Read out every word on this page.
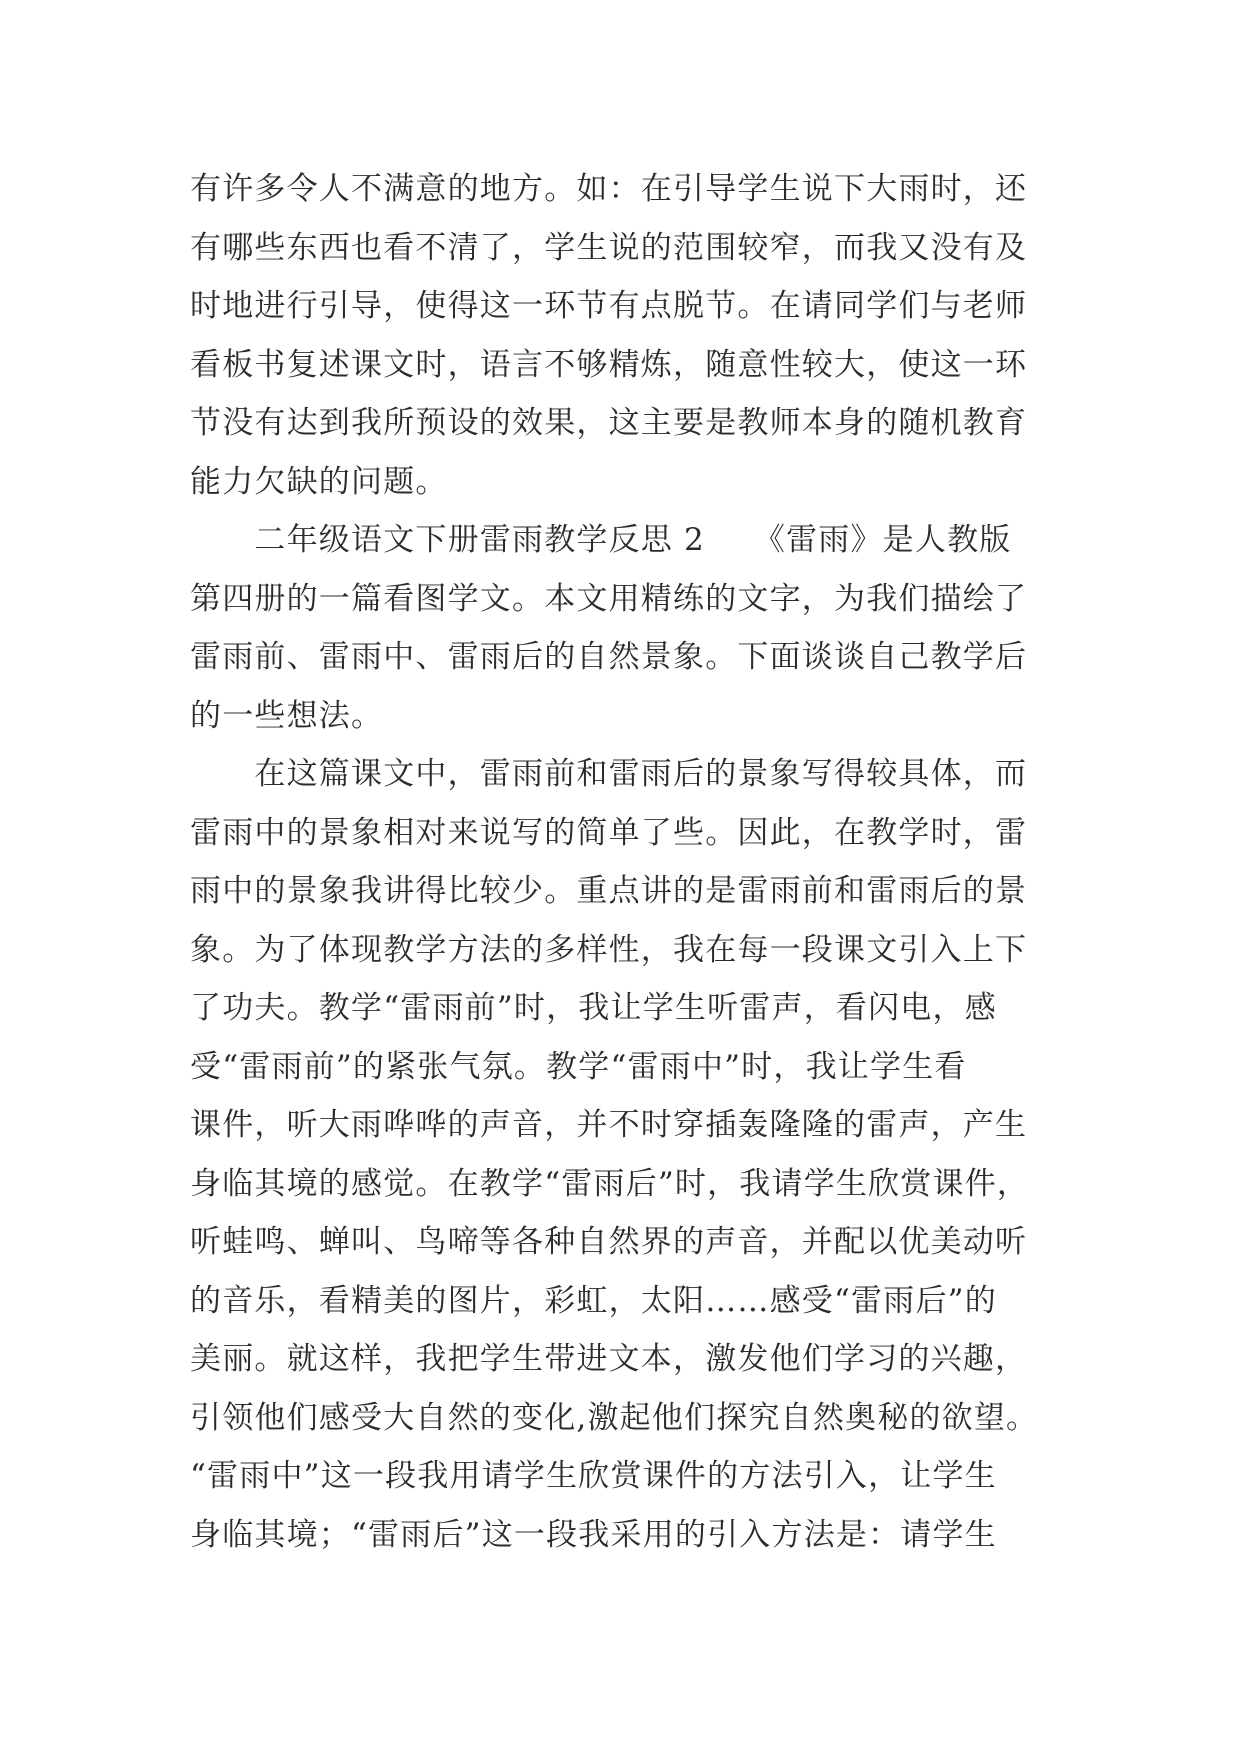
有许多令人不满意的地方。如：在引导学生说下大雨时，还
有哪些东西也看不清了，学生说的范围较窄，而我又没有及
时地进行引导，使得这一环节有点脱节。在请同学们与老师
看板书复述课文时，语言不够精炼，随意性较大，使这一环
节没有达到我所预设的效果，这主要是教师本身的随机教育
能力欠缺的问题。
　　二年级语文下册雷雨教学反思 2　　《雷雨》是人教版
第四册的一篇看图学文。本文用精练的文字，为我们描绘了
雷雨前、雷雨中、雷雨后的自然景象。下面谈谈自己教学后
的一些想法。
　　在这篇课文中，雷雨前和雷雨后的景象写得较具体，而
雷雨中的景象相对来说写的简单了些。因此，在教学时，雷
雨中的景象我讲得比较少。重点讲的是雷雨前和雷雨后的景
象。为了体现教学方法的多样性，我在每一段课文引入上下
了功夫。教学“雷雨前”时，我让学生听雷声，看闪电，感
受“雷雨前”的紧张气氛。教学“雷雨中”时，我让学生看
课件，听大雨哗哗的声音，并不时穿插轰隆隆的雷声，产生
身临其境的感觉。在教学“雷雨后”时，我请学生欣赏课件，
听蛙鸣、蝉叫、鸟啼等各种自然界的声音，并配以优美动听
的音乐，看精美的图片，彩虹，太阳……感受“雷雨后”的
美丽。就这样，我把学生带进文本，激发他们学习的兴趣，
引领他们感受大自然的变化,激起他们探究自然奥秘的欲望。
“雷雨中”这一段我用请学生欣赏课件的方法引入，让学生
身临其境；“雷雨后”这一段我采用的引入方法是：请学生
